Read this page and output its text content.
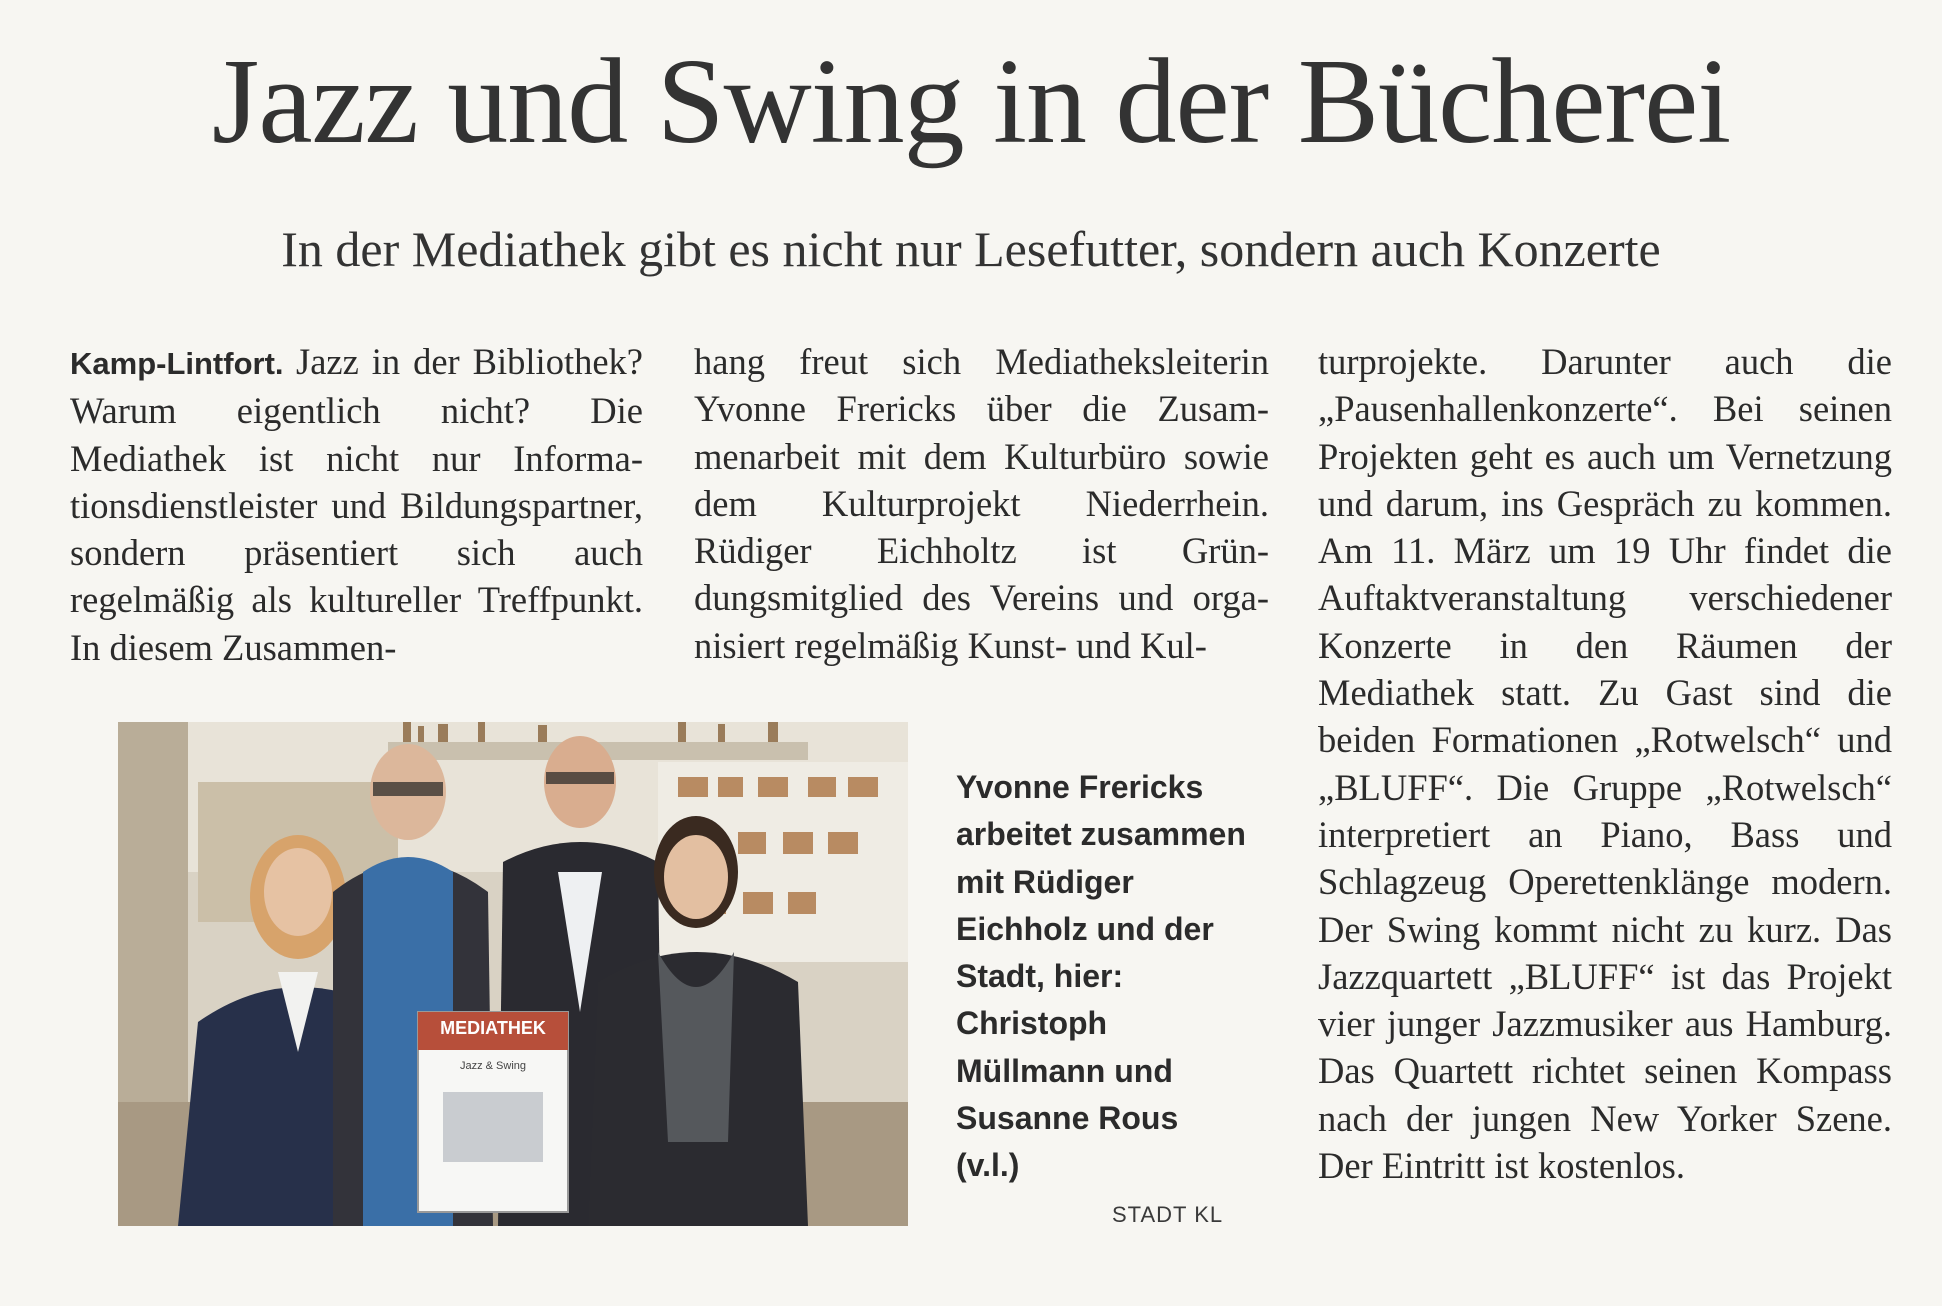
Jazz und Swing in der Bücherei
In der Mediathek gibt es nicht nur Lesefutter, sondern auch Konzerte
Kamp-Lintfort. Jazz in der Bibliothek? Warum eigentlich nicht? Die Mediathek ist nicht nur Informationsdienstleister und Bildungspartner, sondern präsentiert sich auch regelmäßig als kultureller Treffpunkt. In diesem Zusammen-
hang freut sich Mediatheksleiterin Yvonne Frericks über die Zusammenarbeit mit dem Kulturbüro sowie dem Kulturprojekt Niederrhein. Rüdiger Eichholtz ist Gründungsmitglied des Vereins und organisiert regelmäßig Kunst- und Kul-
turprojekte. Darunter auch die „Pausenhallenkonzerte“. Bei seinen Projekten geht es auch um Vernetzung und darum, ins Gespräch zu kommen. Am 11. März um 19 Uhr findet die Auftaktveranstaltung verschiedener Konzerte in den Räumen der Mediathek statt. Zu Gast sind die beiden Formationen „Rotwelsch“ und „BLUFF“. Die Gruppe „Rotwelsch“ interpretiert an Piano, Bass und Schlagzeug Operettenklänge modern. Der Swing kommt nicht zu kurz. Das Jazzquartett „BLUFF“ ist das Projekt vier junger Jazzmusiker aus Hamburg. Das Quartett richtet seinen Kompass nach der jungen New Yorker Szene. Der Eintritt ist kostenlos.
MEDIATHEK
Jazz & Swing
Yvonne Frericks arbeitet zusammen mit Rüdiger Eichholz und der Stadt, hier: Christoph Müllmann und Susanne Rous (v.l.)
STADT KL
